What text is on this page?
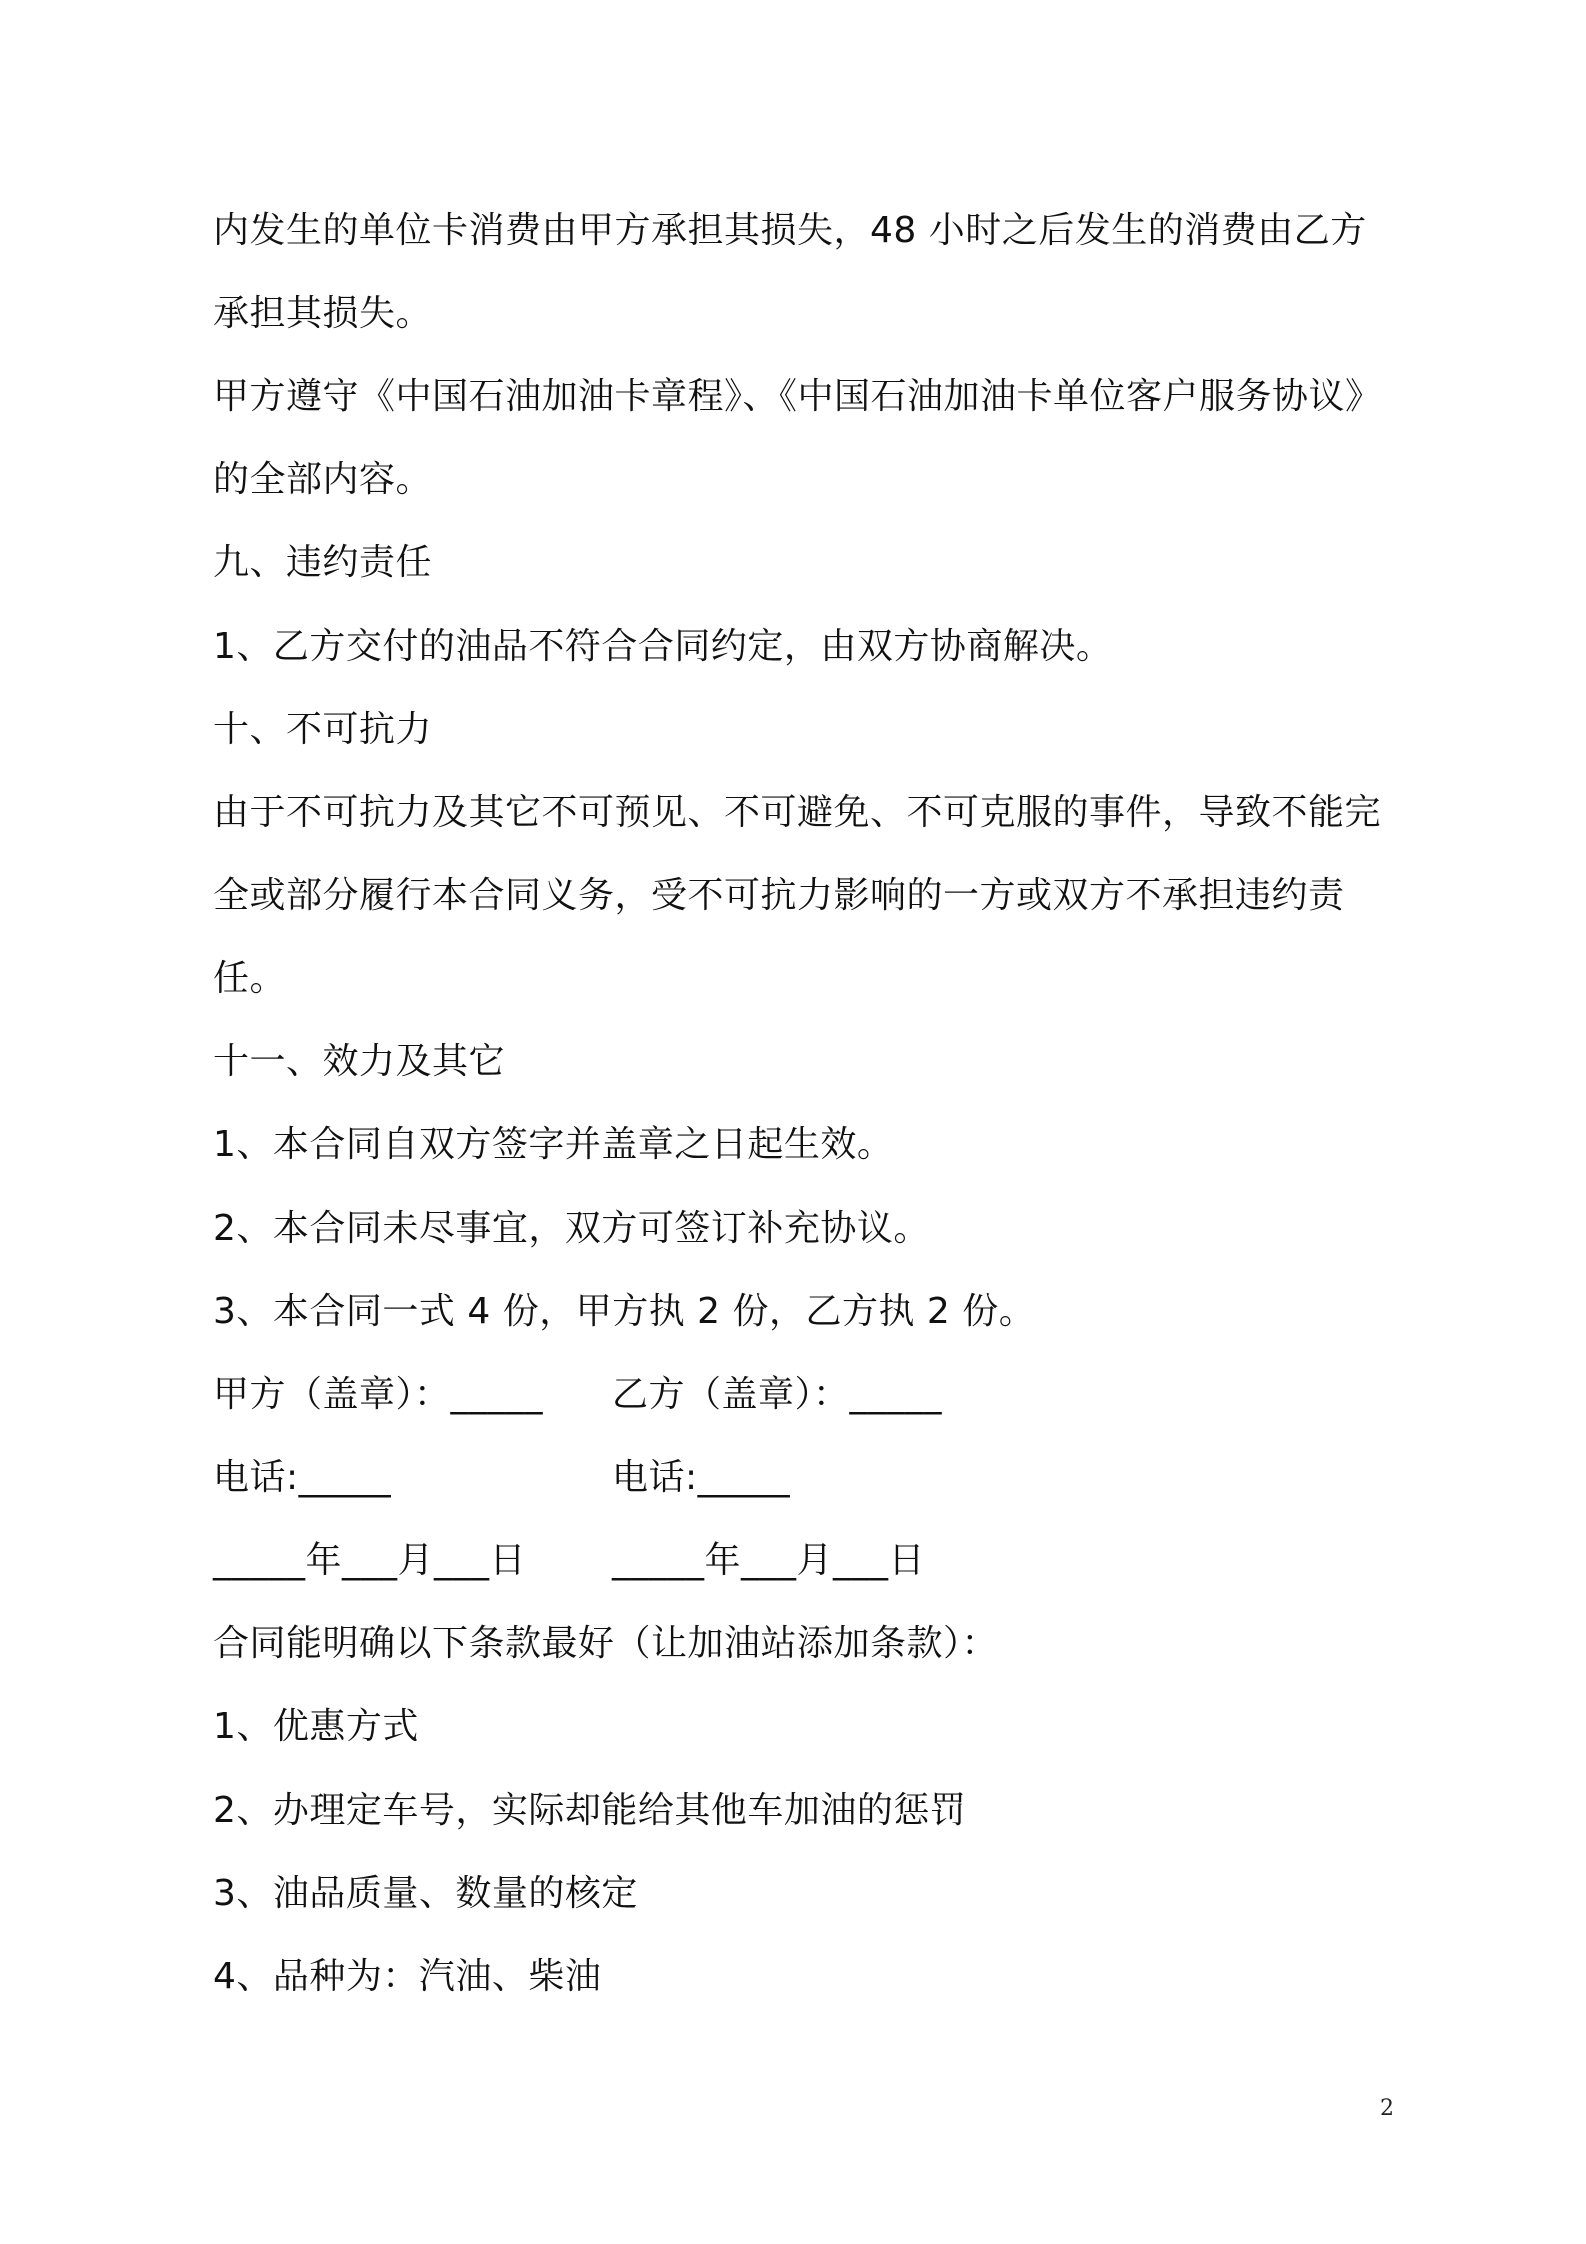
内发生的单位卡消费由甲方承担其损失，48 小时之后发生的消费由乙方
承担其损失。
甲方遵守《中国石油加油卡章程》、《中国石油加油卡单位客户服务协议》
的全部内容。
九、违约责任
1、乙方交付的油品不符合合同约定，由双方协商解决。
十、不可抗力
由于不可抗力及其它不可预见、不可避免、不可克服的事件，导致不能完
全或部分履行本合同义务，受不可抗力影响的一方或双方不承担违约责
任。
十一、效力及其它
1、本合同自双方签字并盖章之日起生效。
2、本合同未尽事宜，双方可签订补充协议。
3、本合同一式 4 份，甲方执 2 份，乙方执 2 份。
甲方（盖章）：_____ 乙方（盖章）：_____
电话:_____	电话:_____
_____年___月___日 _____年___月___日
合同能明确以下条款最好（让加油站添加条款）：
1、优惠方式
2、办理定车号，实际却能给其他车加油的惩罚
3、油品质量、数量的核定
4、品种为：汽油、柴油
2
